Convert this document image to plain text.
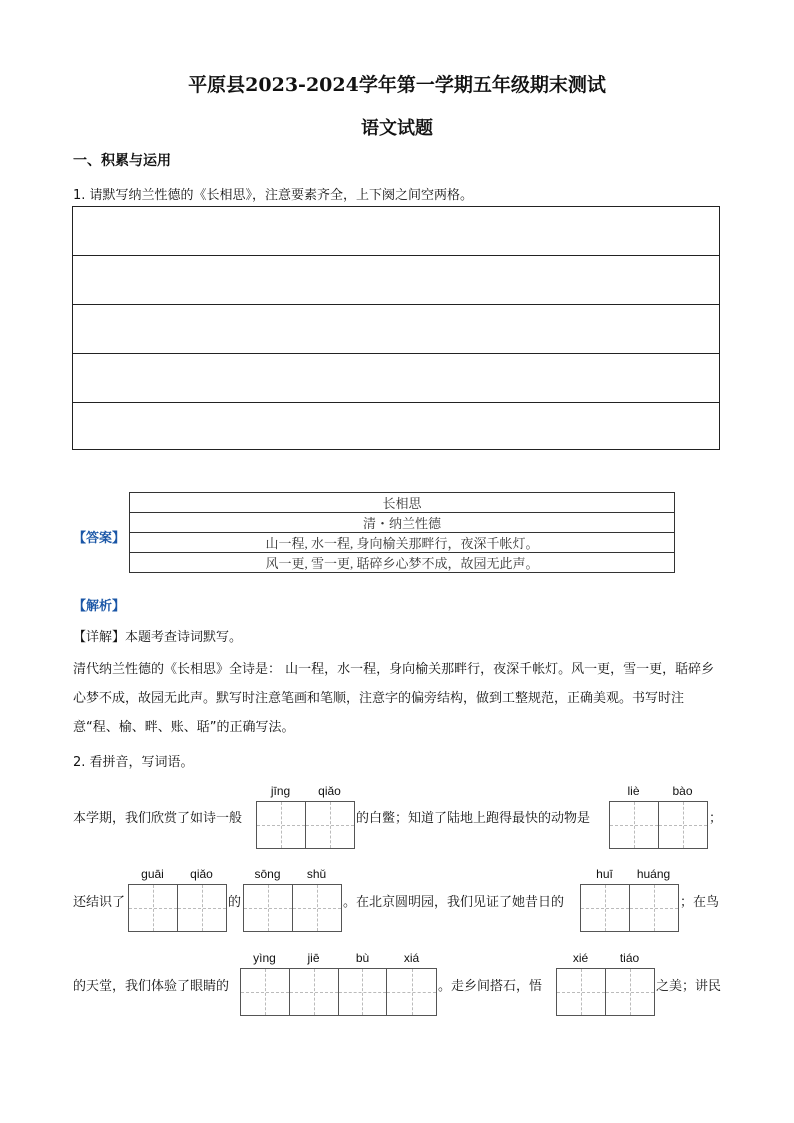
平原县2023-2024学年第一学期五年级期末测试
语文试题
一、积累与运用
1. 请默写纳兰性德的《长相思》，注意要素齐全，上下阕之间空两格。
【答案】
长相思
清・纳兰性德
山一程, 水一程, 身向榆关那畔行，夜深千帐灯。
风一更, 雪一更, 聒碎乡心梦不成，故园无此声。
【解析】
【详解】本题考查诗词默写。
清代纳兰性德的《长相思》全诗是： 山一程，水一程，身向榆关那畔行，夜深千帐灯。风一更，雪一更，聒碎乡心梦不成，故园无此声。默写时注意笔画和笔顺，注意字的偏旁结构，做到工整规范，正确美观。书写时注意“程、榆、畔、账、聒”的正确写法。
2. 看拼音，写词语。
本学期，我们欣赏了如诗一般
jīng	qiǎo
的白鳖；知道了陆地上跑得最快的动物是
liè	bào
；
还结识了
guāi	qiǎo
的
sōng	shǔ
。在北京圆明园，我们见证了她昔日的
huī	huáng
；在鸟
的天堂，我们体验了眼睛的
yìng	jiē	bù	xiá
。走乡间搭石，悟
xié	tiáo
之美；讲民
